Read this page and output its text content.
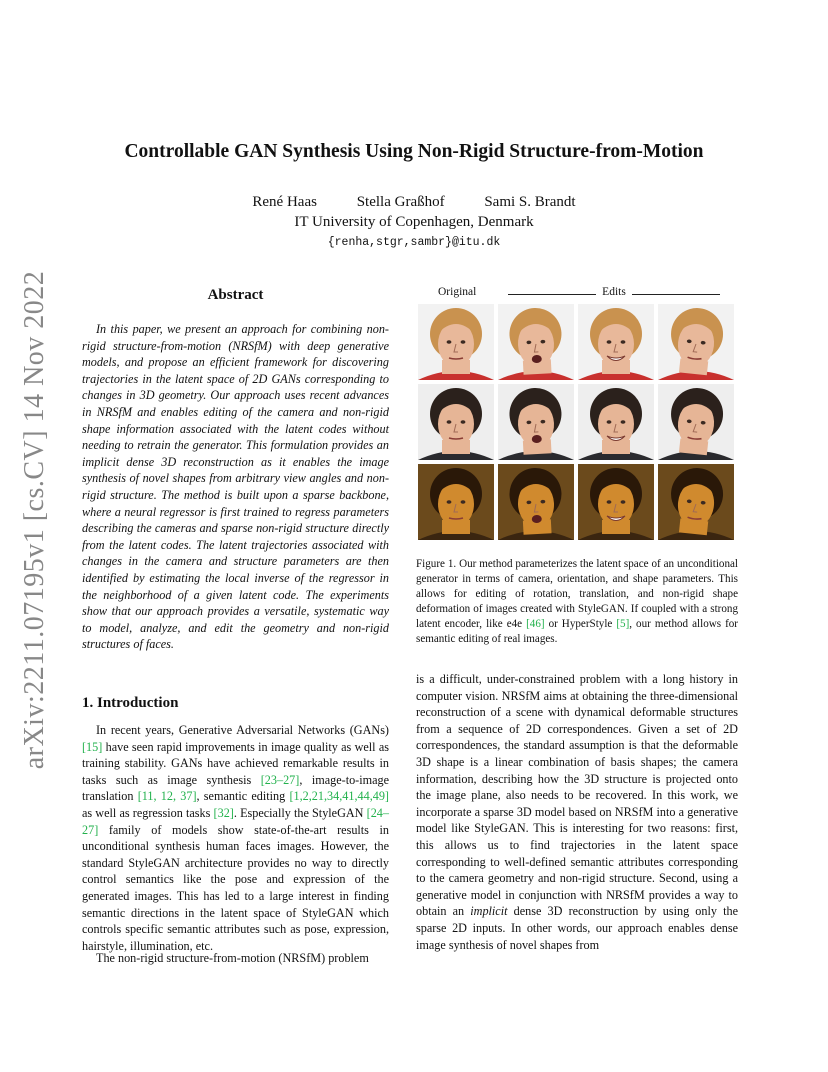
arXiv:2211.07195v1 [cs.CV] 14 Nov 2022
Controllable GAN Synthesis Using Non-Rigid Structure-from-Motion
René Haas	Stella Graßhof	Sami S. Brandt
IT University of Copenhagen, Denmark
{renha,stgr,sambr}@itu.dk
Abstract
In this paper, we present an approach for combining non-rigid structure-from-motion (NRSfM) with deep generative models, and propose an efficient framework for discovering trajectories in the latent space of 2D GANs corresponding to changes in 3D geometry. Our approach uses recent advances in NRSfM and enables editing of the camera and non-rigid shape information associated with the latent codes without needing to retrain the generator. This formulation provides an implicit dense 3D reconstruction as it enables the image synthesis of novel shapes from arbitrary view angles and non-rigid structure. The method is built upon a sparse backbone, where a neural regressor is first trained to regress parameters describing the cameras and sparse non-rigid structure directly from the latent codes. The latent trajectories associated with changes in the camera and structure parameters are then identified by estimating the local inverse of the regressor in the neighborhood of a given latent code. The experiments show that our approach provides a versatile, systematic way to model, analyze, and edit the geometry and non-rigid structures of faces.
1. Introduction
In recent years, Generative Adversarial Networks (GANs) [15] have seen rapid improvements in image quality as well as training stability. GANs have achieved remarkable results in tasks such as image synthesis [23–27], image-to-image translation [11, 12, 37], semantic editing [1,2,21,34,41,44,49] as well as regression tasks [32]. Especially the StyleGAN [24–27] family of models show state-of-the-art results in unconditional synthesis human faces images. However, the standard StyleGAN architecture provides no way to directly control semantics like the pose and expression of the generated images. This has led to a large interest in finding semantic directions in the latent space of StyleGAN which controls specific semantic attributes such as pose, expression, hairstyle, illumination, etc.
The non-rigid structure-from-motion (NRSfM) problem
Original	Edits
Figure 1. Our method parameterizes the latent space of an unconditional generator in terms of camera, orientation, and shape parameters. This allows for editing of rotation, translation, and non-rigid shape deformation of images created with StyleGAN. If coupled with a strong latent encoder, like e4e [46] or HyperStyle [5], our method allows for semantic editing of real images.
is a difficult, under-constrained problem with a long history in computer vision. NRSfM aims at obtaining the three-dimensional reconstruction of a scene with dynamical deformable structures from a sequence of 2D correspondences. Given a set of 2D correspondences, the standard assumption is that the deformable 3D shape is a linear combination of basis shapes; the camera information, describing how the 3D structure is projected onto the image plane, also needs to be recovered. In this work, we incorporate a sparse 3D model based on NRSfM into a generative model like StyleGAN. This is interesting for two reasons: first, this allows us to find trajectories in the latent space corresponding to well-defined semantic attributes corresponding to the camera geometry and non-rigid structure. Second, using a generative model in conjunction with NRSfM provides a way to obtain an implicit dense 3D reconstruction by using only the sparse 2D inputs. In other words, our approach enables dense image synthesis of novel shapes from
